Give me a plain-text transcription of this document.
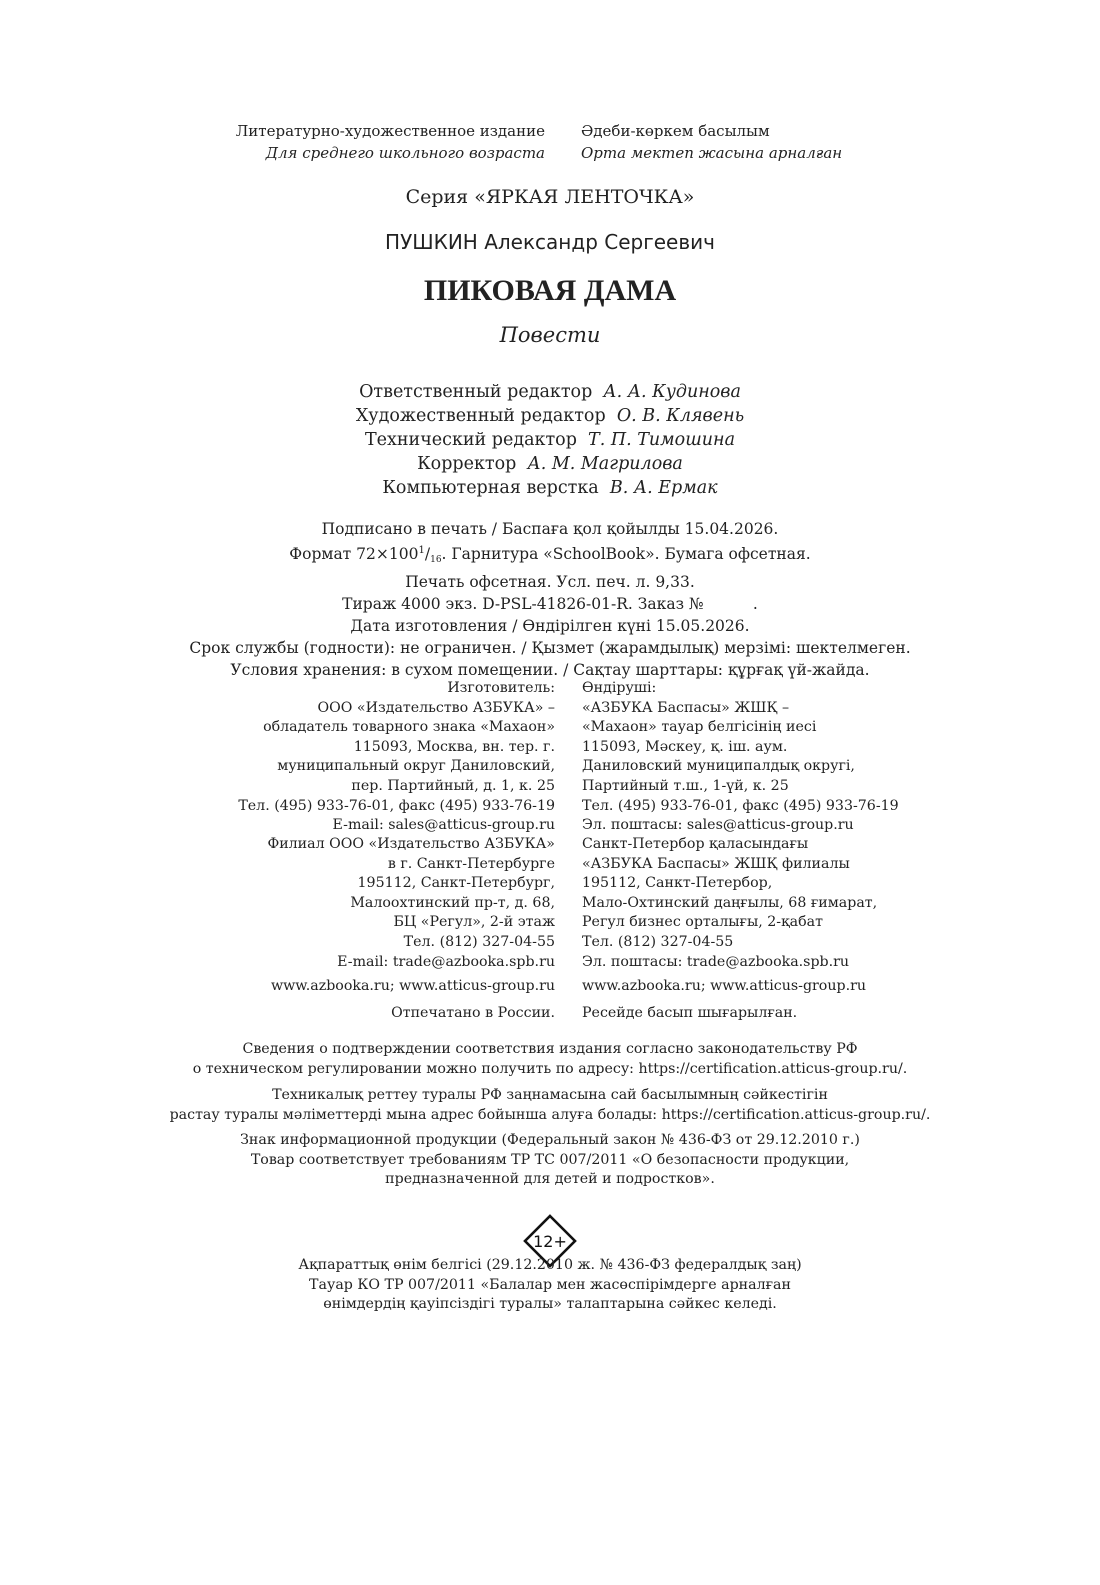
Литературно-художественное издание Әдеби-көркем басылым
Для среднего школьного возраста Орта мектеп жасына арналған
Серия «ЯРКАЯ ЛЕНТОЧКА»
ПУШКИН Александр Сергеевич
ПИКОВАЯ ДАМА
Повести
Ответственный редактор А. А. Кудинова
Художественный редактор О. В. Клявень
Технический редактор Т. П. Тимошина
Корректор А. М. Магрилова
Компьютерная верстка В. А. Ермак
Подписано в печать / Баспаға қол қойылды 15.04.2026.
Формат $72\times 100^1/_{16}$. Гарнитура «SchoolBook». Бумага офсетная.
Печать офсетная. Усл. печ. л. 9,33.
Тираж 4000 экз. D-PSL-41826-01-R. Заказ №          .
Дата изготовления / Өндірілген күні 15.05.2026.
Срок службы (годности): не ограничен. / Қызмет (жарамдылық) мерзімі: шектелмеген.
Условия хранения: в сухом помещении. / Сақтау шарттары: құрғақ үй-жайда.
Изготовитель:
ООО «Издательство АЗБУКА» –
обладатель товарного знака «Махаон»
115093, Москва, вн. тер. г.
муниципальный округ Даниловский,
пер. Партийный, д. 1, к. 25
Тел. (495) 933-76-01, факс (495) 933-76-19
E-mail: sales@atticus-group.ru
Өндіруші:
«АЗБУКА Баспасы» ЖШҚ –
«Махаон» тауар белгісінің иесі
115093, Мәскеу, қ. іш. аум.
Даниловский муниципалдық округі,
Партийный т.ш., 1-үй, к. 25
Тел. (495) 933-76-01, факс (495) 933-76-19
Эл. поштасы: sales@atticus-group.ru
Филиал ООО «Издательство АЗБУКА»
в г. Санкт-Петербурге
195112, Санкт-Петербург,
Малоохтинский пр-т, д. 68,
БЦ «Регул», 2-й этаж
Тел. (812) 327-04-55
E-mail: trade@azbooka.spb.ru
Санкт-Петербор қаласындағы
«АЗБУКА Баспасы» ЖШҚ филиалы
195112, Санкт-Петербор,
Мало-Охтинский даңғылы, 68 ғимарат,
Регул бизнес орталығы, 2-қабат
Тел. (812) 327-04-55
Эл. поштасы: trade@azbooka.spb.ru
www.azbooka.ru; www.atticus-group.ru www.azbooka.ru; www.atticus-group.ru
Отпечатано в России. Ресейде басып шығарылған.
Сведения о подтверждении соответствия издания согласно законодательству РФ
о техническом регулировании можно получить по адресу: https://certification.atticus-group.ru/.
Техникалық реттеу туралы РФ заңнамасына сай басылымның сәйкестігін
растау туралы мәліметтерді мына адрес бойынша алуға болады: https://certification.atticus-group.ru/.
Знак информационной продукции (Федеральный закон № 436-ФЗ от 29.12.2010 г.)
Товар соответствует требованиям ТР ТС 007/2011 «О безопасности продукции,
предназначенной для детей и подростков».
12+
Ақпараттық өнім белгісі (29.12.2010 ж. № 436-ФЗ федералдық заң)
Тауар КО ТР 007/2011 «Балалар мен жасөспірімдерге арналған
өнімдердің қауіпсіздігі туралы» талаптарына сәйкес келеді.
